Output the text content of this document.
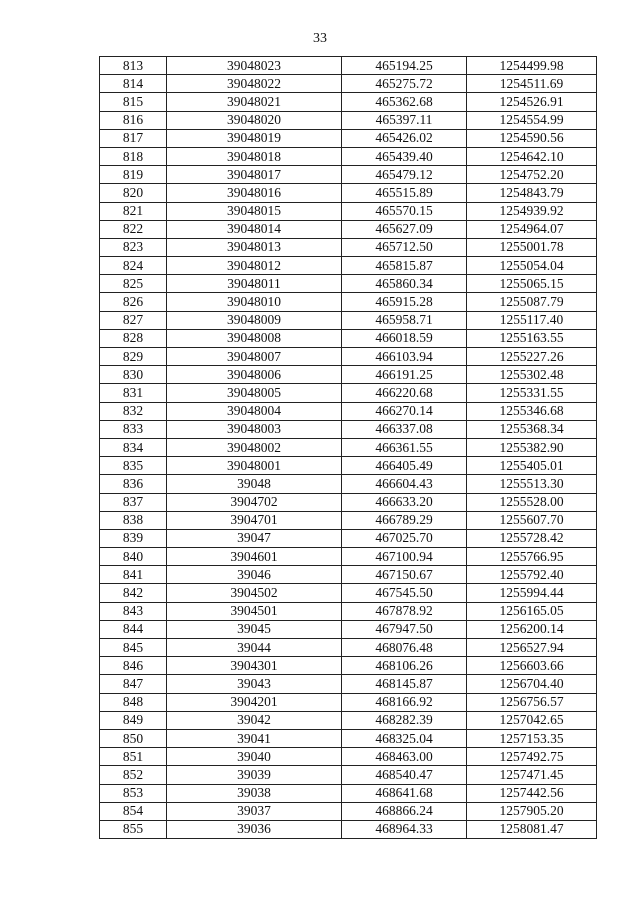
33
813	39048023	465194.25	1254499.98
814	39048022	465275.72	1254511.69
815	39048021	465362.68	1254526.91
816	39048020	465397.11	1254554.99
817	39048019	465426.02	1254590.56
818	39048018	465439.40	1254642.10
819	39048017	465479.12	1254752.20
820	39048016	465515.89	1254843.79
821	39048015	465570.15	1254939.92
822	39048014	465627.09	1254964.07
823	39048013	465712.50	1255001.78
824	39048012	465815.87	1255054.04
825	39048011	465860.34	1255065.15
826	39048010	465915.28	1255087.79
827	39048009	465958.71	1255117.40
828	39048008	466018.59	1255163.55
829	39048007	466103.94	1255227.26
830	39048006	466191.25	1255302.48
831	39048005	466220.68	1255331.55
832	39048004	466270.14	1255346.68
833	39048003	466337.08	1255368.34
834	39048002	466361.55	1255382.90
835	39048001	466405.49	1255405.01
836	39048	466604.43	1255513.30
837	3904702	466633.20	1255528.00
838	3904701	466789.29	1255607.70
839	39047	467025.70	1255728.42
840	3904601	467100.94	1255766.95
841	39046	467150.67	1255792.40
842	3904502	467545.50	1255994.44
843	3904501	467878.92	1256165.05
844	39045	467947.50	1256200.14
845	39044	468076.48	1256527.94
846	3904301	468106.26	1256603.66
847	39043	468145.87	1256704.40
848	3904201	468166.92	1256756.57
849	39042	468282.39	1257042.65
850	39041	468325.04	1257153.35
851	39040	468463.00	1257492.75
852	39039	468540.47	1257471.45
853	39038	468641.68	1257442.56
854	39037	468866.24	1257905.20
855	39036	468964.33	1258081.47
